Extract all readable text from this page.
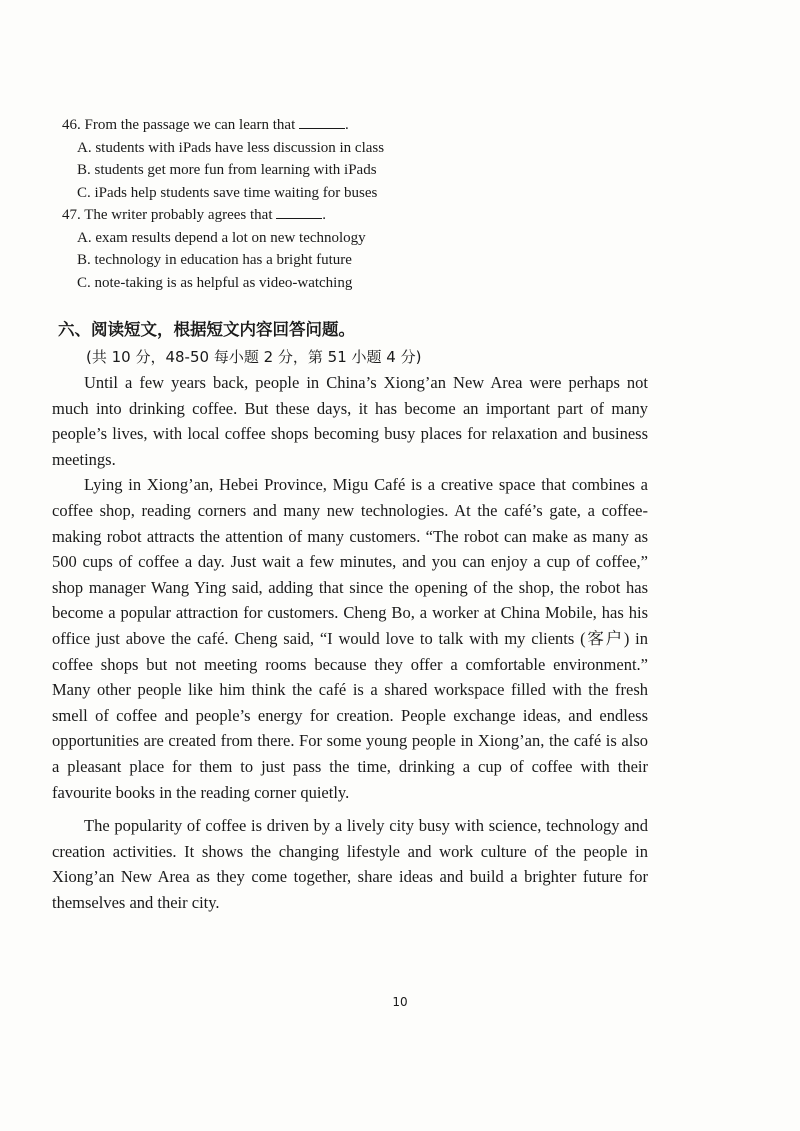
46. From the passage we can learn that	.

A. students with iPads have less discussion in class

B. students get more fun from learning with iPads

C. iPads help students save time waiting for buses

47. The writer probably agrees that	.

A. exam results depend a lot on new technology

B. technology in education has a bright future

C. note-taking is as helpful as video-watching

六、阅读短文，根据短文内容回答问题。
(共 10 分，48-50 每小题 2 分，第 51 小题 4 分)

Until a few years back, people in China’s Xiong’an New Area were perhaps not much into drinking coffee. But these days, it has become an important part of many people’s lives, with local coffee shops becoming busy places for relaxation and business meetings.

Lying in Xiong’an, Hebei Province, Migu Café is a creative space that combines a coffee shop, reading corners and many new technologies. At the café’s gate, a coffee-making robot attracts the attention of many customers. “The robot can make as many as 500 cups of coffee a day. Just wait a few minutes, and you can enjoy a cup of coffee,” shop manager Wang Ying said, adding that since the opening of the shop, the robot has become a popular attraction for customers. Cheng Bo, a worker at China Mobile, has his office just above the café. Cheng said, “I would love to talk with my clients (客户) in coffee shops but not meeting rooms because they offer a comfortable environment.” Many other people like him think the café is a shared workspace filled with the fresh smell of coffee and people’s energy for creation. People exchange ideas, and endless opportunities are created from there. For some young people in Xiong’an, the café is also a pleasant place for them to just pass the time, drinking a cup of coffee with their favourite books in the reading corner quietly.

The popularity of coffee is driven by a lively city busy with science, technology and creation activities. It shows the changing lifestyle and work culture of the people in Xiong’an New Area as they come together, share ideas and build a brighter future for themselves and their city.

10
